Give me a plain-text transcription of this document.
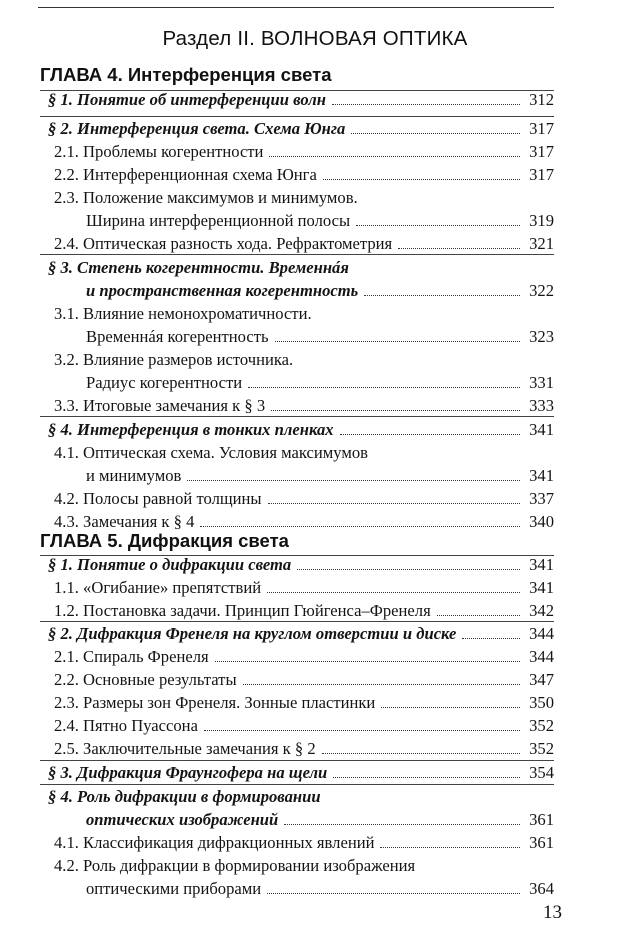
Раздел II. ВОЛНОВАЯ ОПТИКА
ГЛАВА 4. Интерференция света
§ 1. Понятие об интерференции волн	312
§ 2. Интерференция света. Схема Юнга	317
2.1. Проблемы когерентности	317
2.2. Интерференционная схема Юнга	317
2.3. Положение максимумов и минимумов.
Ширина интерференционной полосы	319
2.4. Оптическая разность хода. Рефрактометрия	321
§ 3. Степень когерентности. Временнáя
и пространственная когерентность	322
3.1. Влияние немонохроматичности.
Временнáя когерентность	323
3.2. Влияние размеров источника.
Радиус когерентности	331
3.3. Итоговые замечания к § 3	333
§ 4. Интерференция в тонких пленках	341
4.1. Оптическая схема. Условия максимумов
и минимумов	341
4.2. Полосы равной толщины	337
4.3. Замечания к § 4	340
ГЛАВА 5. Дифракция света
§ 1. Понятие о дифракции света	341
1.1. «Огибание» препятствий	341
1.2. Постановка задачи. Принцип Гюйгенса–Френеля	342
§ 2. Дифракция Френеля на круглом отверстии и диске	344
2.1. Спираль Френеля	344
2.2. Основные результаты	347
2.3. Размеры зон Френеля. Зонные пластинки	350
2.4. Пятно Пуассона	352
2.5. Заключительные замечания к § 2	352
§ 3. Дифракция Фраунгофера на щели	354
§ 4. Роль дифракции в формировании
оптических изображений	361
4.1. Классификация дифракционных явлений	361
4.2. Роль дифракции в формировании изображения
оптическими приборами	364
13
